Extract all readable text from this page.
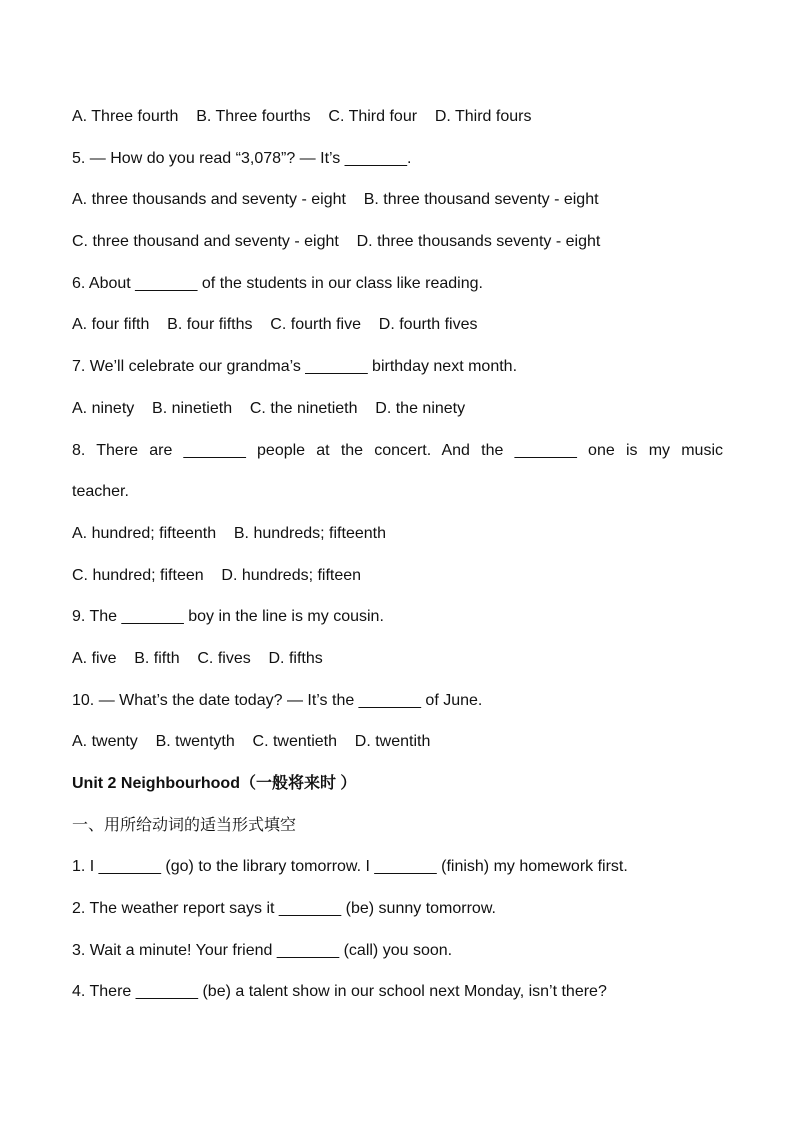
A. Three fourth    B. Three fourths    C. Third four    D. Third fours
5. — How do you read “3,078”? — It’s _______.
A. three thousands and seventy - eight    B. three thousand seventy - eight
C. three thousand and seventy - eight    D. three thousands seventy - eight
6. About _______ of the students in our class like reading.
A. four fifth    B. four fifths    C. fourth five    D. fourth fives
7. We’ll celebrate our grandma’s _______ birthday next month.
A. ninety    B. ninetieth    C. the ninetieth    D. the ninety
8. There are _______ people at the concert. And the _______ one is my music
teacher.
A. hundred; fifteenth    B. hundreds; fifteenth
C. hundred; fifteen    D. hundreds; fifteen
9. The _______ boy in the line is my cousin.
A. five    B. fifth    C. fives    D. fifths
10. — What’s the date today? — It’s the _______ of June.
A. twenty    B. twentyth    C. twentieth    D. twentith
Unit 2 Neighbourhood（一般将来时 ）
一、用所给动词的适当形式填空
1. I _______ (go) to the library tomorrow. I _______ (finish) my homework first.
2. The weather report says it _______ (be) sunny tomorrow.
3. Wait a minute! Your friend _______ (call) you soon.
4. There _______ (be) a talent show in our school next Monday, isn’t there?
